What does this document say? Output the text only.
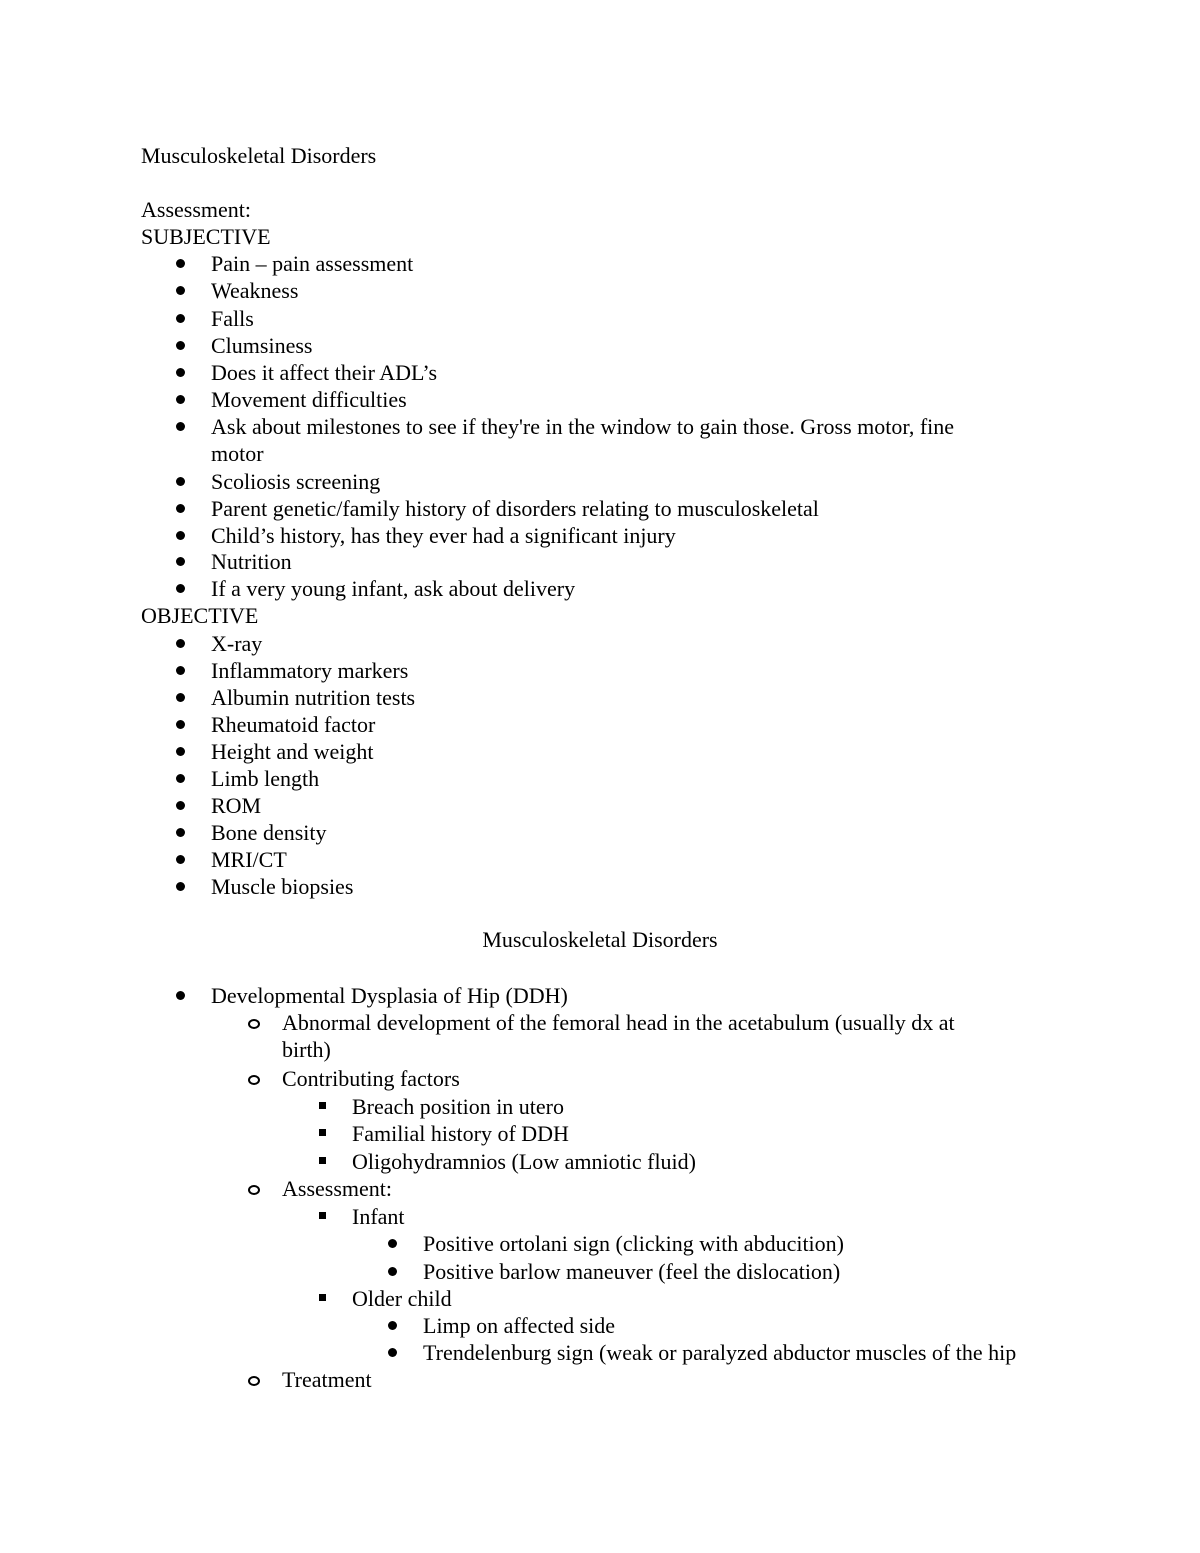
Musculoskeletal Disorders
Assessment:
SUBJECTIVE
Pain – pain assessment
Weakness
Falls
Clumsiness
Does it affect their ADL’s
Movement difficulties
Ask about milestones to see if they're in the window to gain those. Gross motor, fine
motor
Scoliosis screening
Parent genetic/family history of disorders relating to musculoskeletal
Child’s history, has they ever had a significant injury
Nutrition
If a very young infant, ask about delivery
OBJECTIVE
X-ray
Inflammatory markers
Albumin nutrition tests
Rheumatoid factor
Height and weight
Limb length
ROM
Bone density
MRI/CT
Muscle biopsies
Musculoskeletal Disorders
Developmental Dysplasia of Hip (DDH)
Abnormal development of the femoral head in the acetabulum (usually dx at
birth)
Contributing factors
Breach position in utero
Familial history of DDH
Oligohydramnios (Low amniotic fluid)
Assessment:
Infant
Positive ortolani sign (clicking with abducition)
Positive barlow maneuver (feel the dislocation)
Older child
Limp on affected side
Trendelenburg sign (weak or paralyzed abductor muscles of the hip
Treatment
